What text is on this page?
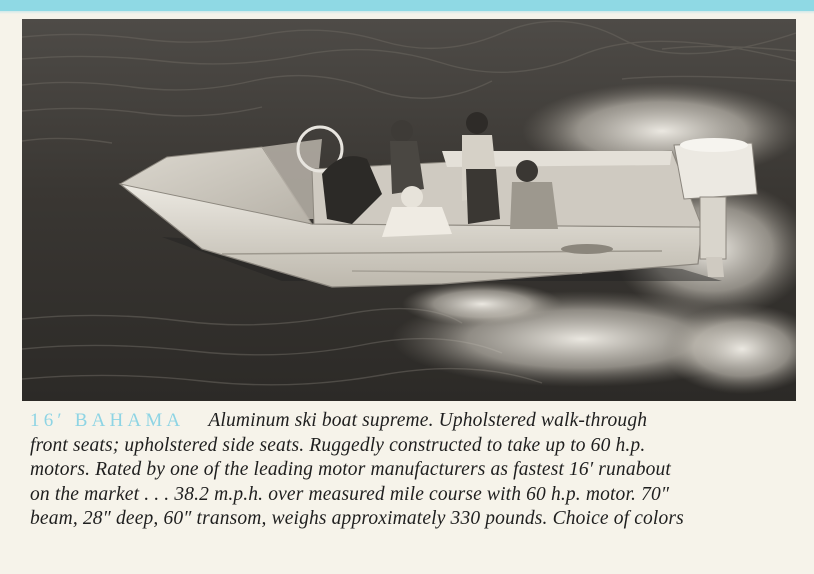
16′ BAHAMA Aluminum ski boat supreme. Upholstered walk-through
front seats; upholstered side seats. Ruggedly constructed to take up to 60 h.p.
motors. Rated by one of the leading motor manufacturers as fastest 16′ runabout
on the market . . . 38.2 m.p.h. over measured mile course with 60 h.p. motor. 70″
beam, 28″ deep, 60″ transom, weighs approximately 330 pounds. Choice of colors
